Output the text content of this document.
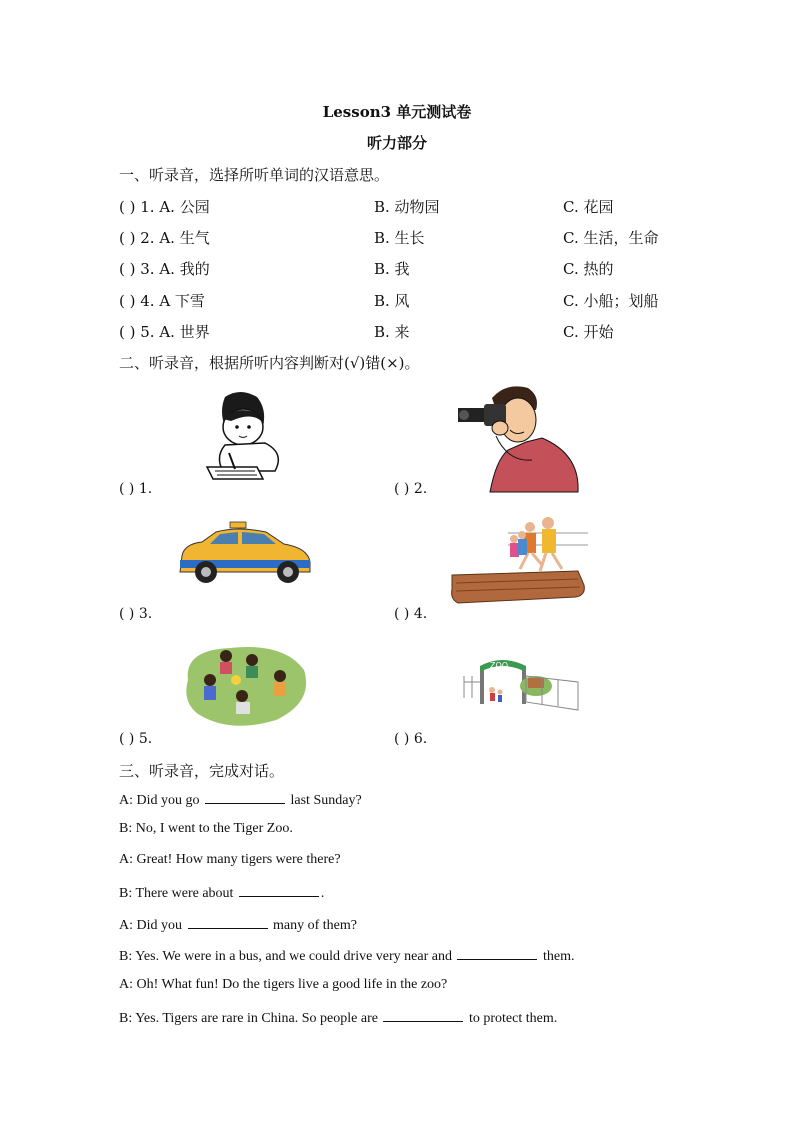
Lesson3 单元测试卷
听力部分
一、听录音，选择所听单词的汉语意思。
( ) 1. A. 公园	B. 动物园	C. 花园
( ) 2. A. 生气	B. 生长	C. 生活，生命
( ) 3. A. 我的	B. 我	C. 热的
( ) 4. A 下雪	B. 风	C. 小船；划船
( ) 5. A. 世界	B. 来	C. 开始
二、听录音，根据所听内容判断对(√)错(×)。
( ) 1.	( ) 2.
( ) 3.	( ) 4.
( ) 5.
ZOO
( ) 6.
三、听录音，完成对话。
A: Did you go	last Sunday?
B: No, I went to the Tiger Zoo.
A: Great! How many tigers were there?
B: There were about	.
A: Did you	many of them?
B: Yes. We were in a bus, and we could drive very near and	them.
A: Oh! What fun! Do the tigers live a good life in the zoo?
B: Yes. Tigers are rare in China. So people are	to protect them.
